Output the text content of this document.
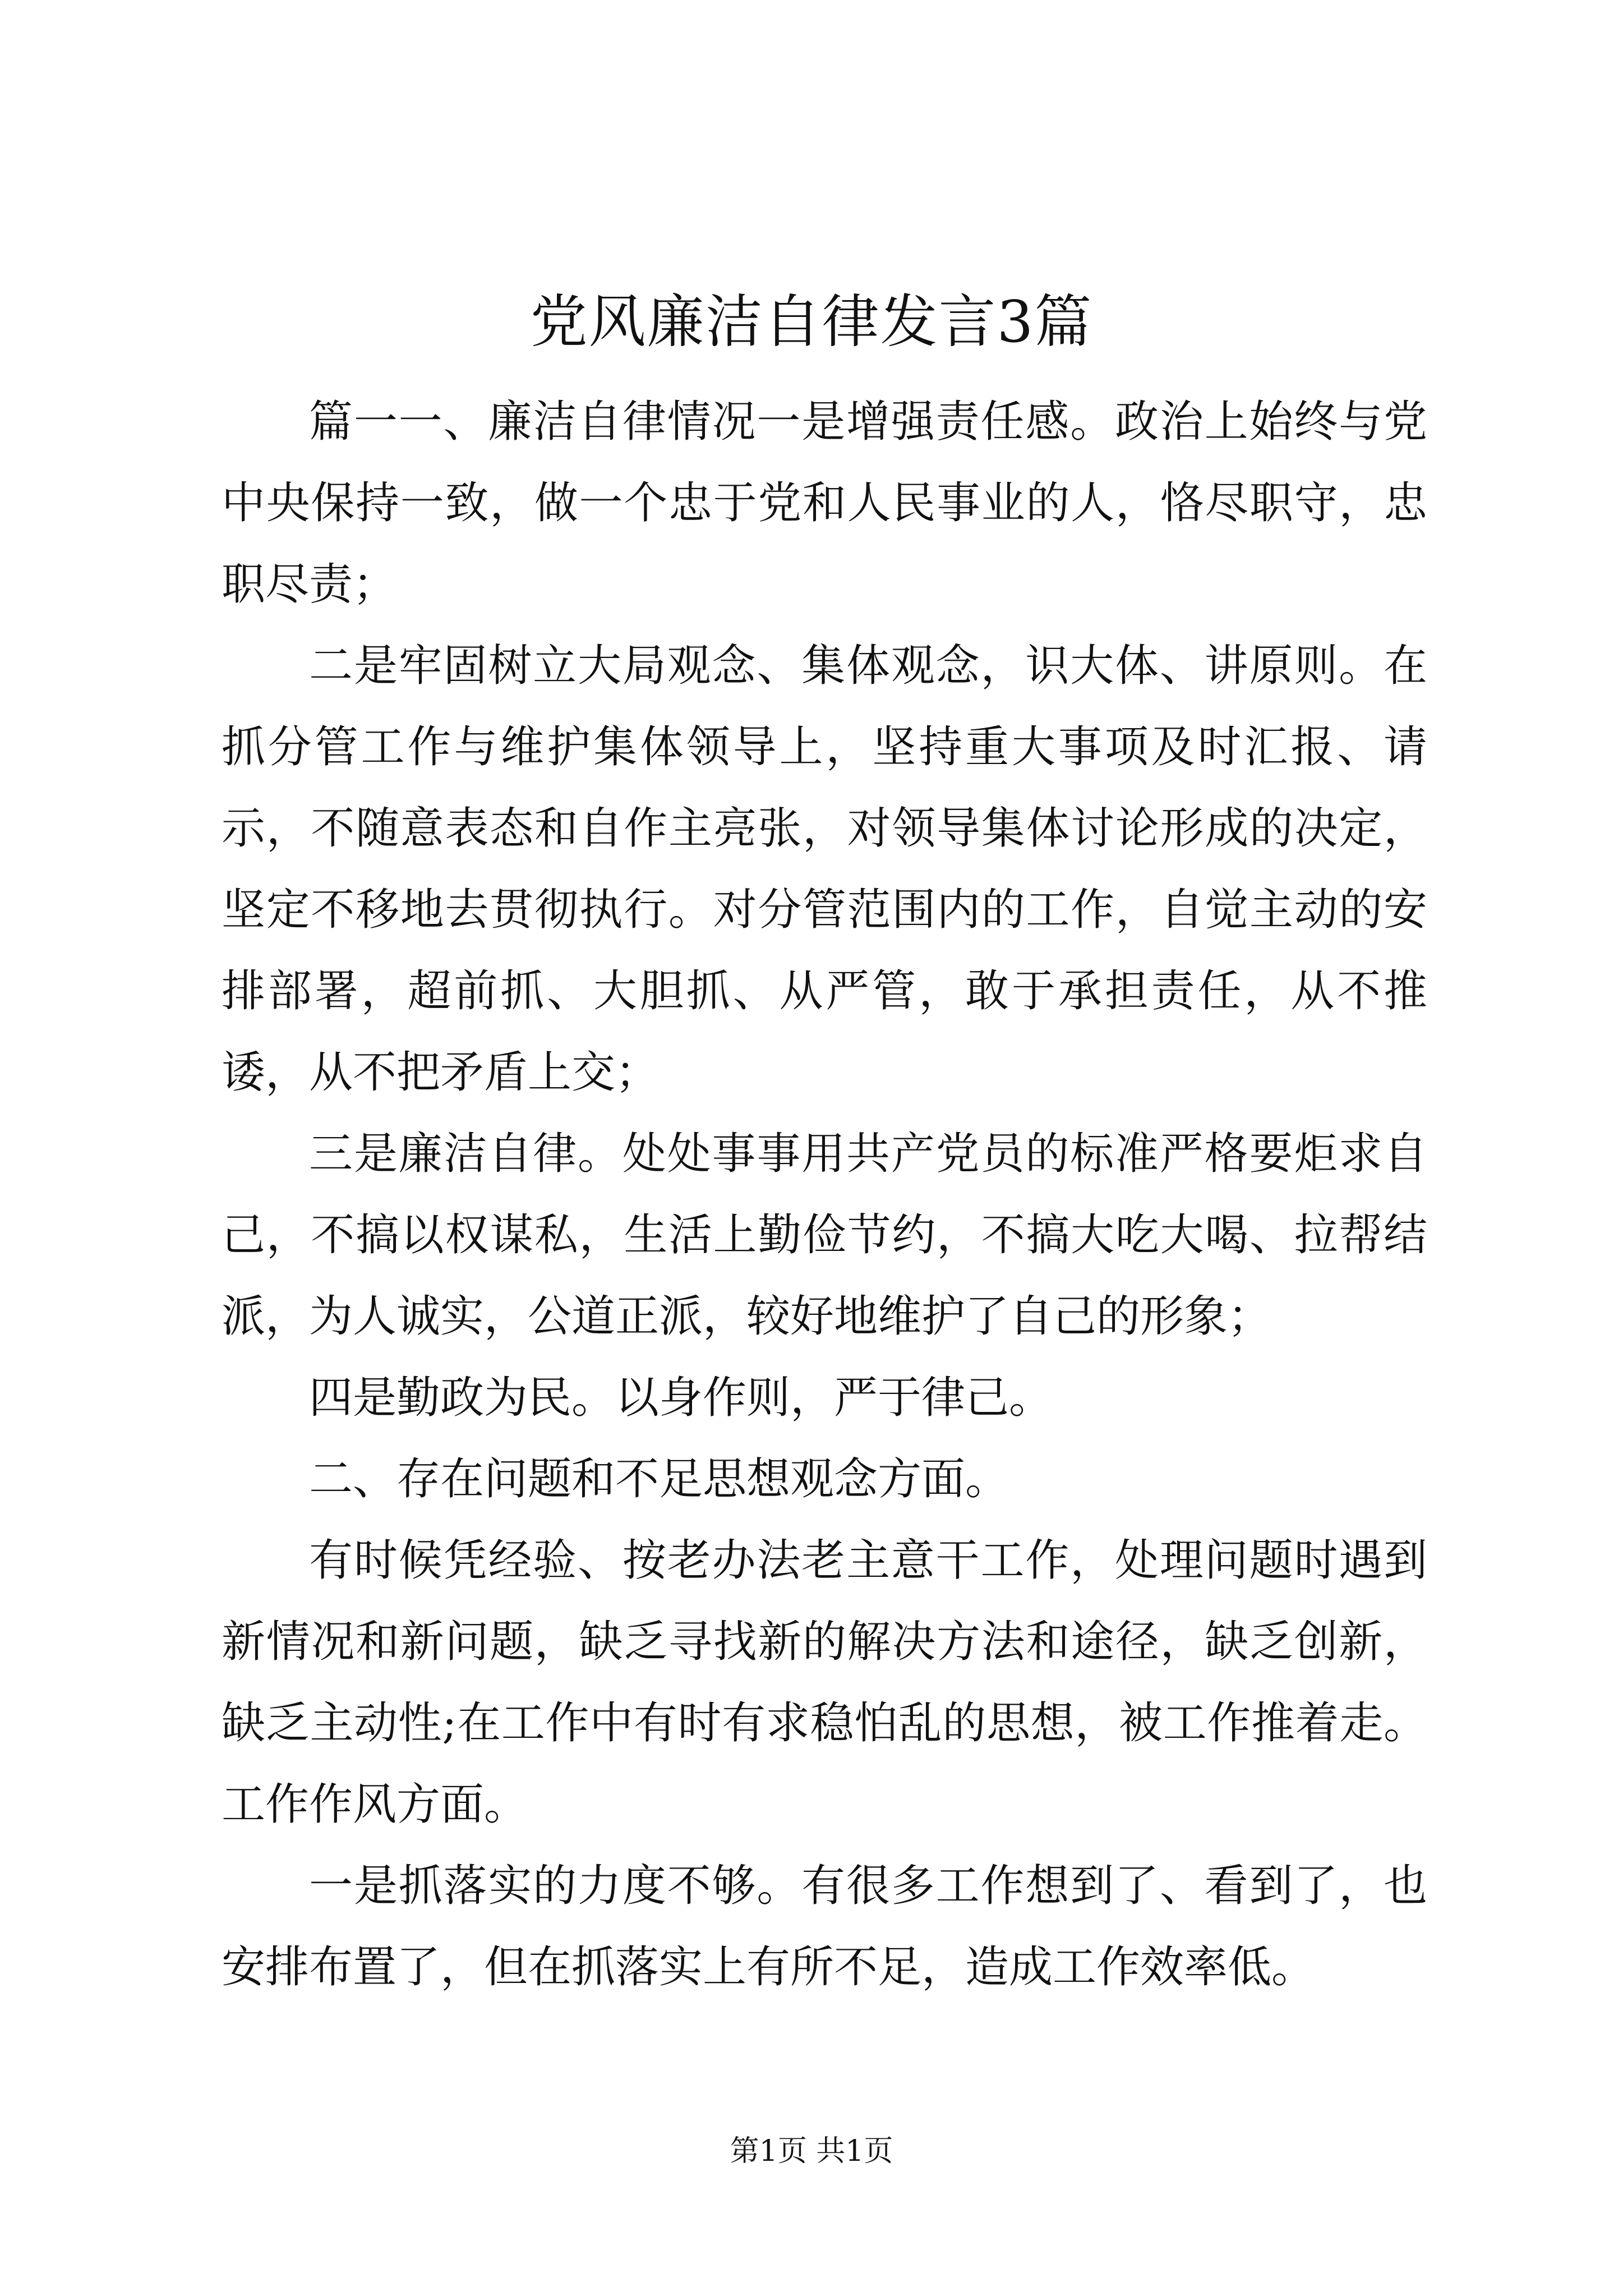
党风廉洁自律发言3篇

篇一一、廉洁自律情况一是增强责任感。政治上始终与党中央保持一致，做一个忠于党和人民事业的人，恪尽职守，忠职尽责；

二是牢固树立大局观念、集体观念，识大体、讲原则。在抓分管工作与维护集体领导上，坚持重大事项及时汇报、请示，不随意表态和自作主亮张，对领导集体讨论形成的决定，坚定不移地去贯彻执行。对分管范围内的工作，自觉主动的安排部署，超前抓、大胆抓、从严管，敢于承担责任，从不推诿，从不把矛盾上交；

三是廉洁自律。处处事事用共产党员的标准严格要炬求自己，不搞以权谋私，生活上勤俭节约，不搞大吃大喝、拉帮结派，为人诚实，公道正派，较好地维护了自己的形象；

四是勤政为民。以身作则，严于律己。

二、存在问题和不足思想观念方面。

有时候凭经验、按老办法老主意干工作，处理问题时遇到新情况和新问题，缺乏寻找新的解决方法和途径，缺乏创新，缺乏主动性;在工作中有时有求稳怕乱的思想，被工作推着走。工作作风方面。

一是抓落实的力度不够。有很多工作想到了、看到了，也安排布置了，但在抓落实上有所不足，造成工作效率低。

第1页 共1页
